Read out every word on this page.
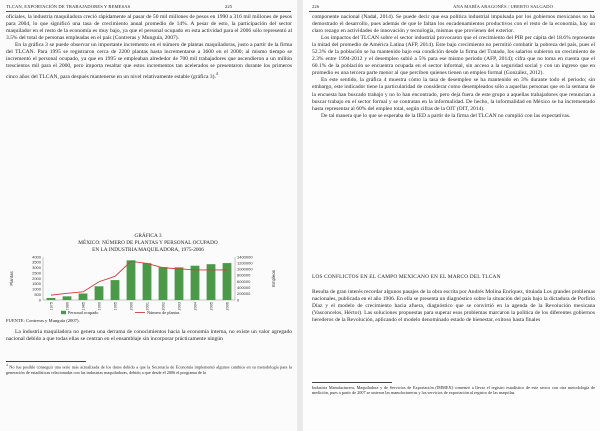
TLCAN, EXPORTACIÓN DE TRABAJADORES Y REMESAS	225

oficiales, la industria maquiladora creció rápidamente al pasar de 50 mil millones de pesos en 1990 a 316 mil millones de pesos para 2004, lo que significó una tasa de crecimiento anual promedio de 14%. A pesar de esto, la participación del sector maquilador en el resto de la economía es muy bajo, ya que el personal ocupado en esta actividad para el 2006 sólo representó al 3.5% del total de personas empleadas en el país (Contreras y Munguía, 2007).

En la gráfica 3 se puede observar un importante incremento en el número de plantas maquiladoras, justo a partir de la firma del TLCAN. Para 1995 se registraron cerca de 2200 plantas hasta incrementarse a 3600 en el 2000; al mismo tiempo se incrementó el personal ocupado, ya que en 1995 se empleaban alrededor de 700 mil trabajadores que ascendieron a un millón trescientos mil para el 2000, pero importa resaltar que estos incrementos tan acelerados se presentaron durante los primeros cinco años del TLCAN, para después mantenerse en un nivel relativamente estable (gráfica 3).$^4$

GRÁFICA 3
MÉXICO: NÚMERO DE PLANTAS Y PERSONAL OCUPADO
EN LA INDUSTRIA MAQUILADORA, 1975-2006
0
500
1000
1500
2000
2500
3000
3500
4000
0
200000
400000
600000
800000
1000000
1200000
1400000
Plantas	Empleos
1975	1980	1985	1990	1995	2000	2001	2002	2003	2004	2005	2006
Personal ocupado	Número de plantas
FUENTE: Contreras y Munguía (2007).

La industria maquiladora no genera una derrama de conocimientos hacia la economía interna, no existe un valor agregado nacional debido a que todas ellas se centran en el ensamblaje sin incorporar prácticamente ningún

$^4$ No fue posible conseguir una serie más actualizada de los datos debido a que la Secretaría de Economía implementó algunos cambios en su metodología para la generación de estadísticas relacionadas con las industrias maquiladoras, debido a que desde el 2006 el programa de la
226	ANA MARÍA ARAGONÉS / UBERTO SALGADO

componente nacional (Nadal, 2014). Se puede decir que esa política industrial impulsada por los gobiernos mexicanos no ha demostrado el desarrollo, pues además de que le faltan los encadenamientos productivos con el resto de la economía, hay un claro rezago en actividades de innovación y tecnología, mismas que provienen del exterior.

Los impactos del TLCAN sobre el sector industrial provocaron que el crecimiento del PIB per cápita del 18.6% represente la mitad del promedio de América Latina (AFP, 2014). Este bajo crecimiento no permitió combatir la pobreza del país, pues el 52.3% de la población se ha mantenido bajo esa condición desde la firma del Tratado, los salarios subieron un crecimiento de 2.3% entre 1994-2012 y el desempleo subió a 5% para ese mismo periodo (AFP, 2014); cifra que no toma en cuenta que el 60.1% de la población se encuentra ocupada en el sector informal, sin acceso a la seguridad social y con un ingreso que en promedio es una tercera parte menor al que perciben quienes tienen un empleo formal (González, 2012).

En este sentido, la gráfica 4 muestra cómo la tasa de desempleo se ha mantenido en 3% durante todo el periodo; sin embargo, este indicador tiene la particularidad de considerar como desempleados sólo a aquellas personas que en la semana de la encuesta han buscado trabajo y no lo han encontrado, pero deja fuera de este grupo a aquellas trabajadores que renuncian a buscar trabajo en el sector formal y se contratan en la informalidad. De hecho, la informalidad en México se ha incrementado hasta representar al 60% del empleo total, según cifras de la OIT (OIT, 2014).

De tal manera que lo que se esperaba de la IED a partir de la firma del TLCAN no cumplió con las expectativas.

LOS CONFLICTOS EN EL CAMPO MEXICANO EN EL MARCO DEL TLCAN

Resulta de gran interés recordar algunos pasajes de la obra escrita por Andrés Molina Enríquez, titulada Los grandes problemas nacionales, publicada en el año 1906. En ella se presenta un diagnóstico sobre la situación del país bajo la dictadura de Porfirio Díaz y el modelo de crecimiento hacia afuera, diagnóstico que se convirtió en la agenda de la Revolución mexicana (Vasconcelos, Héctor). Las soluciones propuestas para superar esos problemas marcaron la política de los diferentes gobiernos herederos de la Revolución, aplicando el modelo denominado estado de bienestar, exitoso hasta finales

Industria Manufacturera, Maquiladora y de Servicios de Exportación (IMMEX) comenzó a llevar el registro estadístico de este sector con otra metodología de medición, pues a partir de 2007 se unieron las manufactureras y los servicios de exportación al registro de las maquilas.
